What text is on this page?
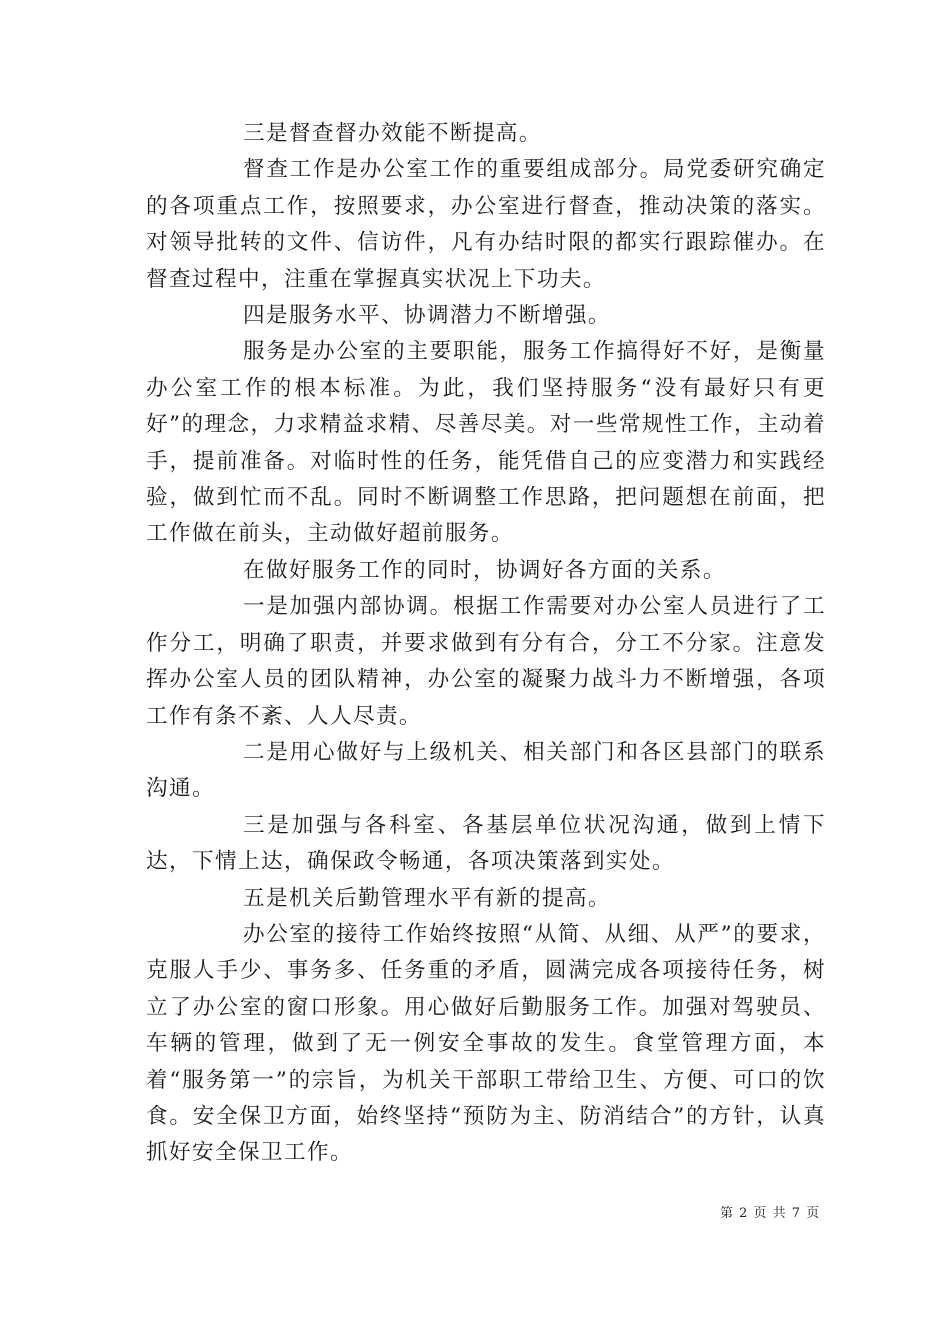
三是督查督办效能不断提高。

督查工作是办公室工作的重要组成部分。局党委研究确定的各项重点工作，按照要求，办公室进行督查，推动决策的落实。对领导批转的文件、信访件，凡有办结时限的都实行跟踪催办。在督查过程中，注重在掌握真实状况上下功夫。

四是服务水平、协调潜力不断增强。

服务是办公室的主要职能，服务工作搞得好不好，是衡量办公室工作的根本标准。为此，我们坚持服务“没有最好只有更好”的理念，力求精益求精、尽善尽美。对一些常规性工作，主动着手，提前准备。对临时性的任务，能凭借自己的应变潜力和实践经验，做到忙而不乱。同时不断调整工作思路，把问题想在前面，把工作做在前头，主动做好超前服务。

在做好服务工作的同时，协调好各方面的关系。

一是加强内部协调。根据工作需要对办公室人员进行了工作分工，明确了职责，并要求做到有分有合，分工不分家。注意发挥办公室人员的团队精神，办公室的凝聚力战斗力不断增强，各项工作有条不紊、人人尽责。

二是用心做好与上级机关、相关部门和各区县部门的联系沟通。

三是加强与各科室、各基层单位状况沟通，做到上情下达，下情上达，确保政令畅通，各项决策落到实处。

五是机关后勤管理水平有新的提高。

办公室的接待工作始终按照“从简、从细、从严”的要求，克服人手少、事务多、任务重的矛盾，圆满完成各项接待任务，树立了办公室的窗口形象。用心做好后勤服务工作。加强对驾驶员、车辆的管理，做到了无一例安全事故的发生。食堂管理方面，本着“服务第一”的宗旨，为机关干部职工带给卫生、方便、可口的饮食。安全保卫方面，始终坚持“预防为主、防消结合”的方针，认真抓好安全保卫工作。

第 2 页 共 7 页
